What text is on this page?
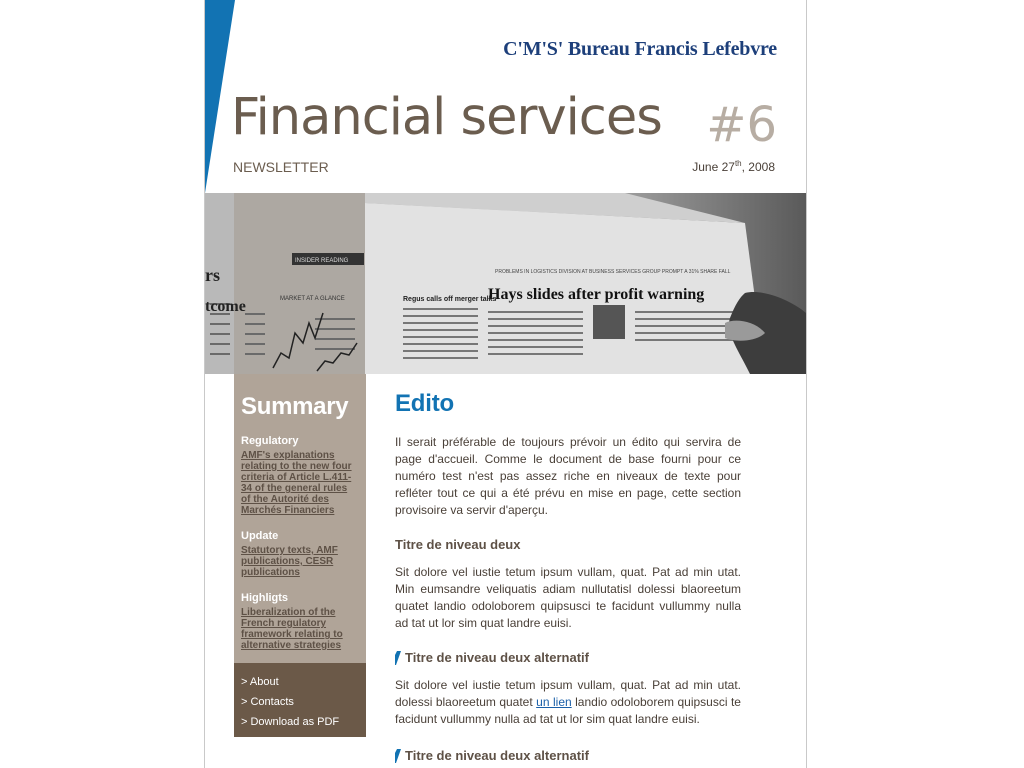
C'M'S' Bureau Francis Lefebvre
Financial services #6
NEWSLETTER	June 27th, 2008
INSIDER READING
MARKET AT A GLANCE
rs
tcome
PROBLEMS IN LOGISTICS DIVISION AT BUSINESS SERVICES GROUP PROMPT A 31% SHARE FALL
Hays slides after profit warning
Regus calls off merger talks
Summary
Regulatory
AMF's explanations relating to the new four criteria of Article L.411-34 of the general rules of the Autorité des Marchés Financiers
Update
Statutory texts, AMF publications, CESR publications
Highligts
Liberalization of the French regulatory framework relating to alternative strategies
> About
> Contacts
> Download as PDF
Edito

Il serait préférable de toujours prévoir un édito qui servira de page d'accueil. Comme le document de base fourni pour ce numéro test n'est pas assez riche en niveaux de texte pour refléter tout ce qui a été prévu en mise en page, cette section provisoire va servir d'aperçu.

Titre de niveau deux

Sit dolore vel iustie tetum ipsum vullam, quat. Pat ad min utat. Min eumsandre veliquatis adiam nullutatisl dolessi blaoreetum quatet landio odoloborem quipsusci te facidunt vullummy nulla ad tat ut lor sim quat landre euisi.

Titre de niveau deux alternatif

Sit dolore vel iustie tetum ipsum vullam, quat. Pat ad min utat. dolessi blaoreetum quatet un lien landio odoloborem quipsusci te facidunt vullummy nulla ad tat ut lor sim quat landre euisi.

Titre de niveau deux alternatif
